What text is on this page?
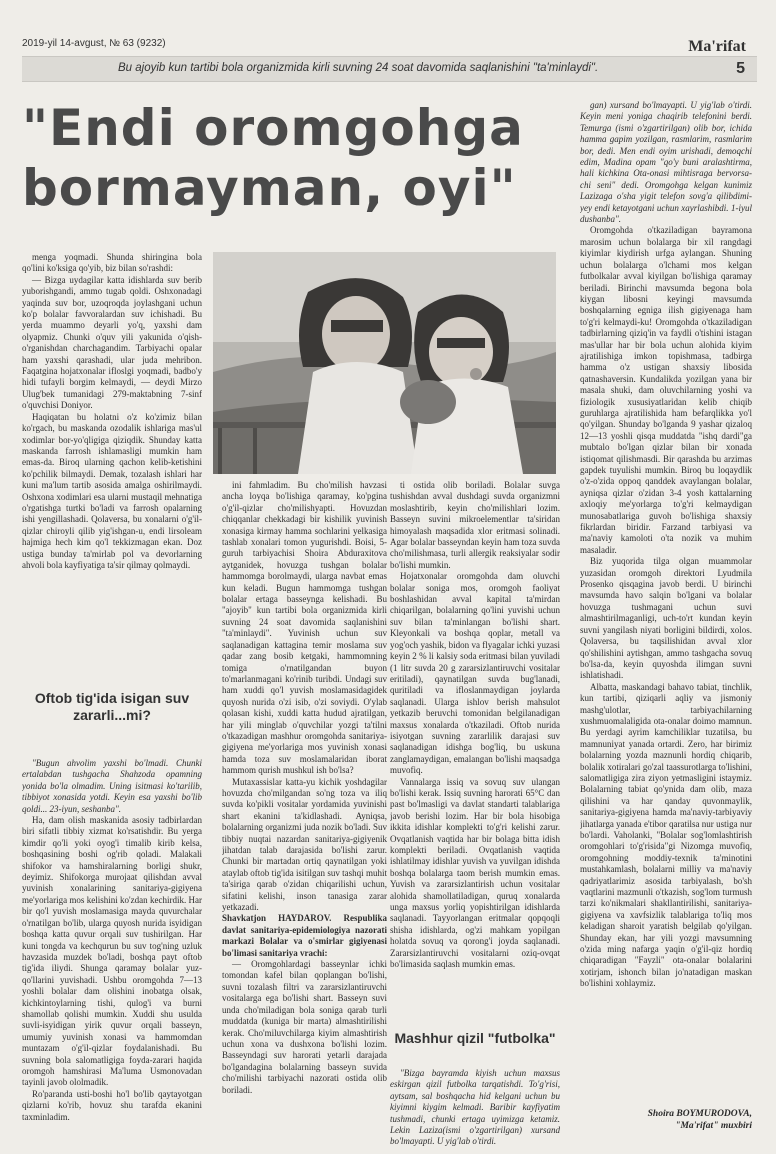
2019-yil 14-avgust, № 63 (9232)	Ma'rifat
Bu ajoyib kun tartibi bola organizmida kirli suvning 24 soat davomida saqlanishini "ta'minlaydi".	5
"Endi oromgohga bormayman, oyi"

menga yoqmadi. Shunda shiringina bola qo'lini ko'ksiga qo'yib, biz bilan so'rashdi:

— Bizga uydagilar katta idishlarda suv berib yuborishgandi, ammo tugab qoldi. Oshxonadagi yaqinda suv bor, uzoqroqda joylashgani uchun ko'p bolalar favvoralardan suv ichishadi. Bu yerda muammo deyarli yo'q, yaxshi dam olyapmiz. Chunki o'quv yili yakunida o'qish-o'rganishdan charchagandim. Tarbiyachi opalar ham yaxshi qarashadi, ular juda mehribon. Faqatgina hojatxonalar ifloslgi yoqmadi, badbo'y hidi tufayli borgim kelmaydi, — deydi Mirzo Ulug'bek tumanidagi 279-maktabning 7-sinf o'quvchisi Doniyor.

Haqiqatan bu holatni o'z ko'zimiz bilan ko'rgach, bu maskanda ozodalik ishlariga mas'ul xodimlar bor-yo'qligiga qiziqdik. Shunday katta maskanda farrosh ishlamasligi mumkin ham emas-da. Biroq ularning qachon kelib-ketishini ko'pchilik bilmaydi. Demak, tozalash ishlari har kuni ma'lum tartib asosida amalga oshirilmaydi. Oshxona xodimlari esa ularni mustaqil mehnatiga o'rgatishga turtki bo'ladi va farrosh opalarning ishi yengillashadi. Qolaversa, bu xonalarni o'g'il-qizlar chiroyli qilib yig'ishgan-u, endi lirsoleam hajmiga hech kim qo'l tekkizmagan ekan. Doz ustiga bunday ta'mirlab pol va devorlarning ahvoli bola kayfiyatiga ta'sir qilmay qolmaydi.

Oftob tig'ida isigan suv zararli...mi?

"Bugun ahvolim yaxshi bo'lmadi. Chunki ertalabdan tushgacha Shahzoda opamning yonida bo'la olmadim. Uning isitmasi ko'tarilib, tibbiyot xonasida yotdi. Keyin esa yaxshi bo'lib qoldi... 23-iyun, seshanba".

Ha, dam olish maskanida asosiy tadbirlardan biri sifatli tibbiy xizmat ko'rsatishdir. Bu yerga kimdir qo'li yoki oyog'i timalib kirib kelsa, boshqasining boshi og'rib qoladi. Malakali shifokor va hamshiralarning borligi shukr, deyimiz. Shifokorga murojaat qilishdan avval yuvinish xonalarining sanitariya-gigiyena me'yorlariga mos kelishini ko'zdan kechirdik. Har bir qo'l yuvish moslamasiga mayda quvurchalar o'rnatilgan bo'lib, ularga quyosh nurida isyidigan boshqa katta quvur orqali suv tushirilgan. Har kuni tongda va kechqurun bu suv tog'ning uzluk havzasida muzdek bo'ladi, boshqa payt oftob tig'ida iliydi. Shunga qaramay bolalar yuz-qo'llarini yuvishadi. Ushbu oromgohda 7—13 yoshli bolalar dam olishini inobatga olsak, kichkintoylarning tishi, qulog'i va burni shamollab qolishi mumkin. Xuddi shu usulda suvli-isyidigan yirik quvur orqali basseyn, umumiy yuvinish xonasi va hammomdan muntazam o'g'il-qizlar foydalanishadi. Bu suvning bola salomatligiga foyda-zarari haqida oromgoh hamshirasi Ma'luma Usmonovadan tayinli javob ololmadik.

Ro'paranda usti-boshi ho'l bo'lib qaytayotgan qizlarni ko'rib, hovuz shu tarafda ekanini taxminladim.

ini fahmladim. Bu cho'milish havzasi ancha loyqa bo'lishiga qaramay, ko'pgina o'g'il-qizlar cho'milishyapti. Hovuzdan chiqqanlar chekkadagi bir kishilik yuvinish xonasiga kirmay hamma sochlarini yelkasiga tashlab xonalari tomon yugurishdi. Boisi, 5-guruh tarbiyachisi Shoira Abduraxitova aytganidek, hovuzga tushgan bolalar hammomga borolmaydi, ularga navbat emas kun keladi. Bugun hammomga tushgan bolalar ertaga basseynga kelishadi. Bu "ajoyib" kun tartibi bola organizmida kirli suvning 24 soat davomida saqlanishini "ta'minlaydi". Yuvinish uchun suv saqlanadigan kattagina temir moslama suv qadar zang bosib ketgaki, hammomning tomiga o'rnatilgandan buyon to'marlanmagani ko'rinib turibdi. Undagi suv ham xuddi qo'l yuvish moslamasidagidek quyosh nurida o'zi isib, o'zi soviydi. O'ylab qolasan kishi, xuddi katta hudud ajratilgan, har yili minglab o'quvchilar yozgi ta'tilni o'tkazadigan mashhur oromgohda sanitariya-gigiyena me'yorlariga mos yuvinish xonasi hamda toza suv moslamalaridan iborat hammom qurish mushkul ish bo'lsa?

Mutaxassislar katta-yu kichik yoshdagilar hovuzda cho'milgandan so'ng toza va iliq suvda ko'pikli vositalar yordamida yuvinishi shart ekanini ta'kidlashadi. Ayniqsa, bolalarning organizmi juda nozik bo'ladi. Suv tibbiy nuqtai nazardan sanitariya-gigiyenik jihatdan talab darajasida bo'lishi zarur. Chunki bir martadan ortiq qaynatilgan yoki ataylab oftob tig'ida isitilgan suv tashqi muhit ta'siriga qarab o'zidan chiqarilishi uchun, sifatini kelishi, inson tanasiga zarar yetkazadi.

Shavkatjon HAYDAROV. Respublika davlat sanitariya-epidemiologiya nazorati markazi Bolalar va o'smirlar gigiyenasi bo'limasi sanitariya vrachi:

— Oromgohlardagi basseynlar ichki tomondan kafel bilan qoplangan bo'lishi, suvni tozalash filtri va zararsizlantiruvchi vositalarga ega bo'lishi shart. Basseyn suvi unda cho'miladigan bola soniga qarab turli muddatda (kuniga bir marta) almashtirilishi kerak. Cho'miluvchilarga kiyim almashtirish uchun xona va dushxona bo'lishi lozim. Basseyndagi suv harorati yetarli darajada bo'lgandagina bolalarning basseyn suvida cho'milishi tarbiyachi nazorati ostida olib boriladi.

ti ostida olib boriladi. Bolalar suvga tushishdan avval dushdagi suvda organizmni moslashtirib, keyin cho'milishlari lozim. Basseyn suvini mikroelementlar ta'siridan himoyalash maqsadida xlor eritmasi solinadi. Agar bolalar basseyndan keyin ham toza suvda cho'milishmasa, turli allergik reaksiyalar sodir bo'lishi mumkin.

Hojatxonalar oromgohda dam oluvchi bolalar soniga mos, oromgoh faoliyat boshlashidan avval kapital ta'mirdan chiqarilgan, bolalarning qo'lini yuvishi uchun suv bilan ta'minlangan bo'lishi shart. Kleyonkali va boshqa qoplar, metall va yog'och yashik, bidon va flyagalar ichki yuzasi keyin 2 % li kalsiy soda eritmasi bilan yuviladi (1 litr suvda 20 g zararsizlantiruvchi vositalar eritiladi), qaynatilgan suvda bug'lanadi, quritiladi va ifloslanmaydigan joylarda saqlanadi. Ularga ishlov berish mahsulot yetkazib beruvchi tomonidan belgilanadigan maxsus xonalarda o'tkaziladi. Oftob nurida isiyotgan suvning zararlilik darajasi suv saqlanadigan idishga bog'liq, bu uskuna zanglamaydigan, emalangan bo'lishi maqsadga muvofiq.

Vannalarga issiq va sovuq suv ulangan bo'lishi kerak. Issiq suvning harorati 65°C dan past bo'lmasligi va davlat standarti talablariga javob berishi lozim. Har bir bola hisobiga ikkita idishlar komplekti to'g'ri kelishi zarur. Ovqatlanish vaqtida har bir bolaga bitta idish komplekti beriladi. Ovqatlanish vaqtida ishlatilmay idishlar yuvish va yuvilgan idishda boshqa bolalarga taom berish mumkin emas. Yuvish va zararsizlantirish uchun vositalar alohida shamollatiladigan, quruq xonalarda unga maxsus yorliq yopishtirilgan idishlarda saqlanadi. Tayyorlangan eritmalar qopqoqli shisha idishlarda, og'zi mahkam yopilgan holatda sovuq va qorong'i joyda saqlanadi. Zararsizlantiruvchi vositalarni oziq-ovqat bo'limasida saqlash mumkin emas.

Mashhur qizil "futbolka"

"Bizga bayramda kiyish uchun maxsus eskirgan qizil futbolka tarqatishdi. To'g'risi, aytsam, sal boshqacha hid kelgani uchun bu kiyimni kiygim kelmadi. Baribir kayfiyatim tushmadi, chunki ertaga uyimizga ketamiz. Lekin Laziza(ismi o'zgartirilgan) xursand bo'lmayapti. U yig'lab o'tirdi.

gan) xursand bo'lmayapti. U yig'lab o'tirdi. Keyin meni yoniga chaqirib telefonini berdi. Temurga (ismi o'zgartirilgan) olib bor, ichida hamma gapim yozilgan, rasmlarim, rasmlarim bor, dedi. Men endi oyim urishadi, demoqchi edim, Madina opam "qo'y buni aralashtirma, hali kichkina Ota-onasi mihtisraga bervorsa-chi seni" dedi. Oromgohga kelgan kunimiz Lazizaga o'sha yigit telefon sovg'a qilibdimi-yey endi ketayotgani uchun xayrlashibdi. 1-iyul dushanba".

Oromgohda o'tkaziladigan bayramona marosim uchun bolalarga bir xil rangdagi kiyimlar kiydirish urfga aylangan. Shuning uchun bolalarga o'lchami mos kelgan futbolkalar avval kiyilgan bo'lishiga qaramay beriladi. Birinchi mavsumda begona bola kiygan libosni keyingi mavsumda boshqalarning egniga ilish gigiyenaga ham to'g'ri kelmaydi-ku! Oromgohda o'tkaziladigan tadbirlarning qiziq'in va faydli o'tishini istagan mas'ullar har bir bola uchun alohida kiyim ajratilishiga imkon topishmasa, tadbirga hamma o'z ustigan shaxsiy libosida qatnashaversin. Kundalikda yozilgan yana bir masala shuki, dam oluvchilarning yoshi va fiziologik xususiyatlaridan kelib chiqib guruhlarga ajratilishida ham befarqlikka yo'l qo'yilgan. Shunday bo'lganda 9 yashar qizaloq 12—13 yoshli qisqa muddatda "ishq dardi"ga mubtalo bo'lgan qizlar bilan bir xonada istiqomat qilishmasdi. Bir qarashda bu arzimas gapdek tuyulishi mumkin. Biroq bu loqaydlik o'z-o'zida oppoq qanddek avaylangan bolalar, ayniqsa qizlar o'zidan 3-4 yosh kattalarning axloqiy me'yorlarga to'g'ri kelmaydigan munosabatlariga guvoh bo'lishiga shaxsiy fikrlardan biridir. Farzand tarbiyasi va ma'naviy kamoloti o'ta nozik va muhim masaladir.

Biz yuqorida tilga olgan muammolar yuzasidan oromgoh direktori Lyudmila Prosenko qisqagina javob berdi. U birinchi mavsumda havo salqin bo'lgani va bolalar hovuzga tushmagani uchun suvi almashtirilmaganligi, uch-to'rt kundan keyin suvni yangilash niyati borligini bildirdi, xolos. Qolaversa, bu taqsilishidan avval xlor qo'shilishini aytishgan, ammo tashgacha sovuq bo'lsa-da, keyin quyoshda ilimgan suvni ishlatishadi.

Albatta, maskandagi bahavo tabiat, tinchlik, kun tartibi, qiziqarli aqliy va jismoniy mashg'ulotlar, tarbiyachilarning xushmuomalaligida ota-onalar doimo mamnun. Bu yerdagi ayrim kamchiliklar tuzatilsa, bu mamnuniyat yanada ortardi. Zero, har birimiz bolalarning yozda maznunli hordiq chiqarib, bolalik xotiralari go'zal taassurotlarga to'lishini, salomatligiga zira ziyon yetmasligini istaymiz. Bolalarning tabiat qo'ynida dam olib, maza qilishini va har qanday quvonmaylik, sanitariya-gigiyena hamda ma'naviy-tarbiyaviy jihatlarga yanada e'tibor qaratilsa nur ustiga nur bo'lardi. Vaholanki, "Bolalar sog'lomlashtirish oromgohlari to'g'risida"gi Nizomga muvofiq, oromgohning moddiy-texnik ta'minotini mustahkamlash, bolalarni milliy va ma'naviy qadriyatlarimiz asosida tarbiyalash, bo'sh vaqtlarini mazmunli o'tkazish, sog'lom turmush tarzi ko'nikmalari shakllantirilishi, sanitariya-gigiyena va xavfsizlik talablariga to'liq mos keladigan sharoit yaratish belgilab qo'yilgan. Shunday ekan, har yili yozgi mavsumning o'zida ming nafarga yaqin o'g'il-qiz hordiq chiqaradigan "Fayzli" ota-onalar bolalarini xotirjam, ishonch bilan jo'natadigan maskan bo'lishini xohlaymiz.

Shoira BOYMURODOVA,
"Ma'rifat" muxbiri
